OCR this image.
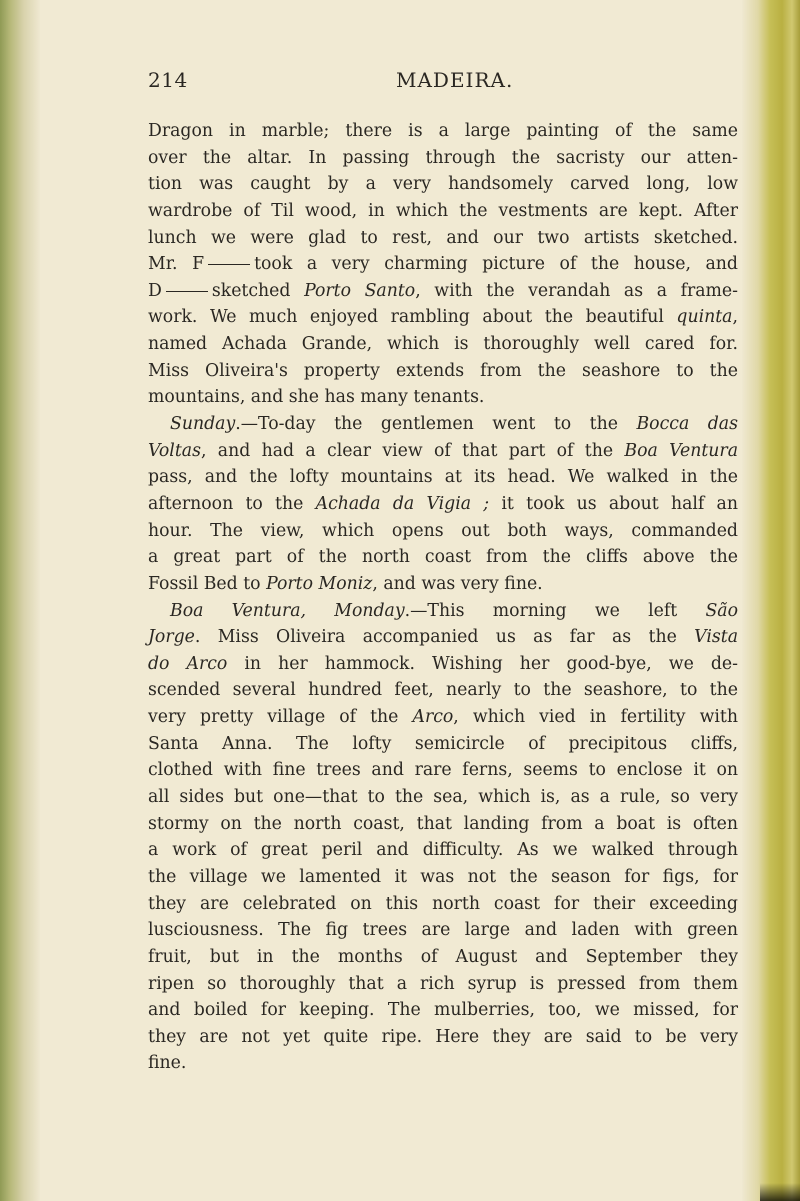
214	MADEIRA.
Dragon in marble; there is a large painting of the same
over the altar. In passing through the sacristy our atten-
tion was caught by a very handsomely carved long, low
wardrobe of Til wood, in which the vestments are kept. After
lunch we were glad to rest, and our two artists sketched.
Mr. F	took a very charming picture of the house, and
D	sketched Porto Santo, with the verandah as a frame-
work. We much enjoyed rambling about the beautiful quinta,
named Achada Grande, which is thoroughly well cared for.
Miss Oliveira's property extends from the seashore to the
mountains, and she has many tenants.
Sunday.—To-day the gentlemen went to the Bocca das
Voltas, and had a clear view of that part of the Boa Ventura
pass, and the lofty mountains at its head. We walked in the
afternoon to the Achada da Vigia ; it took us about half an
hour. The view, which opens out both ways, commanded
a great part of the north coast from the cliffs above the
Fossil Bed to Porto Moniz, and was very fine.
Boa Ventura, Monday.—This morning we left São
Jorge. Miss Oliveira accompanied us as far as the Vista
do Arco in her hammock. Wishing her good-bye, we de-
scended several hundred feet, nearly to the seashore, to the
very pretty village of the Arco, which vied in fertility with
Santa Anna. The lofty semicircle of precipitous cliffs,
clothed with fine trees and rare ferns, seems to enclose it on
all sides but one—that to the sea, which is, as a rule, so very
stormy on the north coast, that landing from a boat is often
a work of great peril and difficulty. As we walked through
the village we lamented it was not the season for figs, for
they are celebrated on this north coast for their exceeding
lusciousness. The fig trees are large and laden with green
fruit, but in the months of August and September they
ripen so thoroughly that a rich syrup is pressed from them
and boiled for keeping. The mulberries, too, we missed, for
they are not yet quite ripe. Here they are said to be very
fine.
